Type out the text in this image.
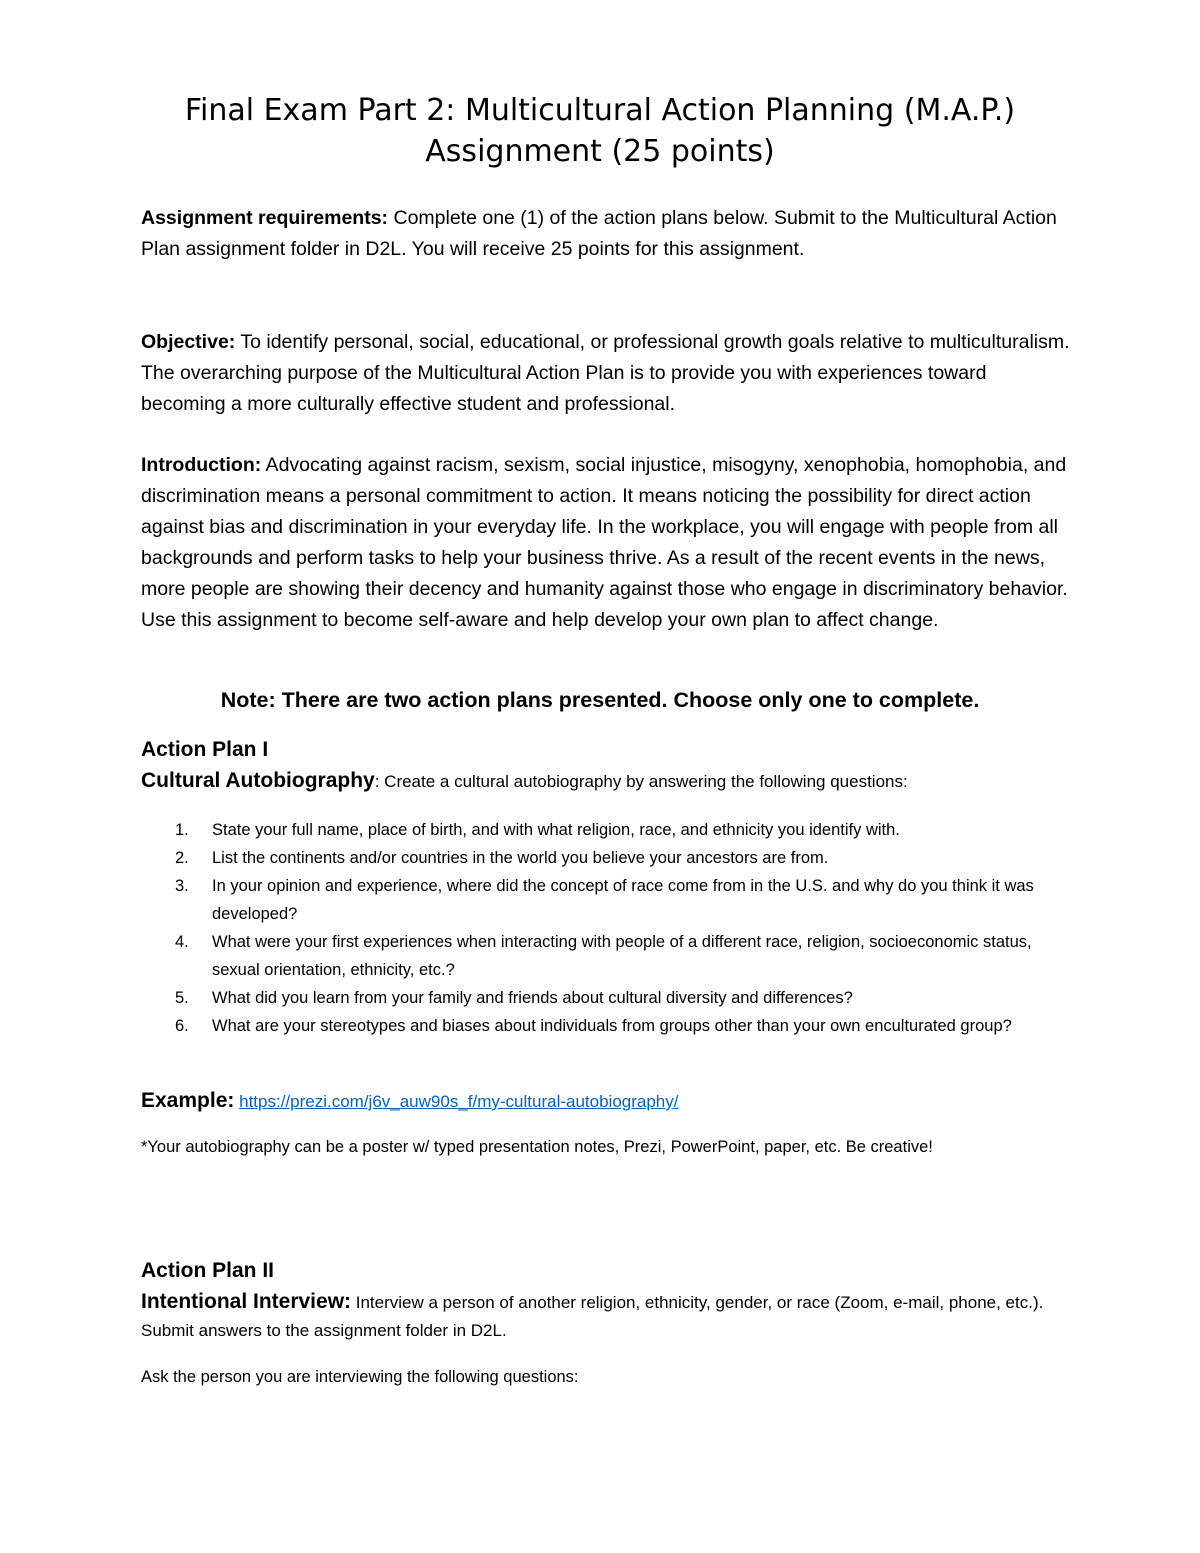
Final Exam Part 2: Multicultural Action Planning (M.A.P.)
Assignment (25 points)

Assignment requirements: Complete one (1) of the action plans below. Submit to the Multicultural Action Plan assignment folder in D2L. You will receive 25 points for this assignment.

Objective: To identify personal, social, educational, or professional growth goals relative to multiculturalism. The overarching purpose of the Multicultural Action Plan is to provide you with experiences toward becoming a more culturally effective student and professional.

Introduction: Advocating against racism, sexism, social injustice, misogyny, xenophobia, homophobia, and discrimination means a personal commitment to action. It means noticing the possibility for direct action against bias and discrimination in your everyday life. In the workplace, you will engage with people from all backgrounds and perform tasks to help your business thrive. As a result of the recent events in the news, more people are showing their decency and humanity against those who engage in discriminatory behavior. Use this assignment to become self-aware and help develop your own plan to affect change.

Note: There are two action plans presented. Choose only one to complete.

Action Plan I

Cultural Autobiography: Create a cultural autobiography by answering the following questions:

1. State your full name, place of birth, and with what religion, race, and ethnicity you identify with.
2. List the continents and/or countries in the world you believe your ancestors are from.
3. In your opinion and experience, where did the concept of race come from in the U.S. and why do you think it was developed?
4. What were your first experiences when interacting with people of a different race, religion, socioeconomic status, sexual orientation, ethnicity, etc.?
5. What did you learn from your family and friends about cultural diversity and differences?
6. What are your stereotypes and biases about individuals from groups other than your own enculturated group?

Example: https://prezi.com/j6v_auw90s_f/my-cultural-autobiography/

*Your autobiography can be a poster w/ typed presentation notes, Prezi, PowerPoint, paper, etc. Be creative!

Action Plan II

Intentional Interview: Interview a person of another religion, ethnicity, gender, or race (Zoom, e-mail, phone, etc.). Submit answers to the assignment folder in D2L.

Ask the person you are interviewing the following questions:
